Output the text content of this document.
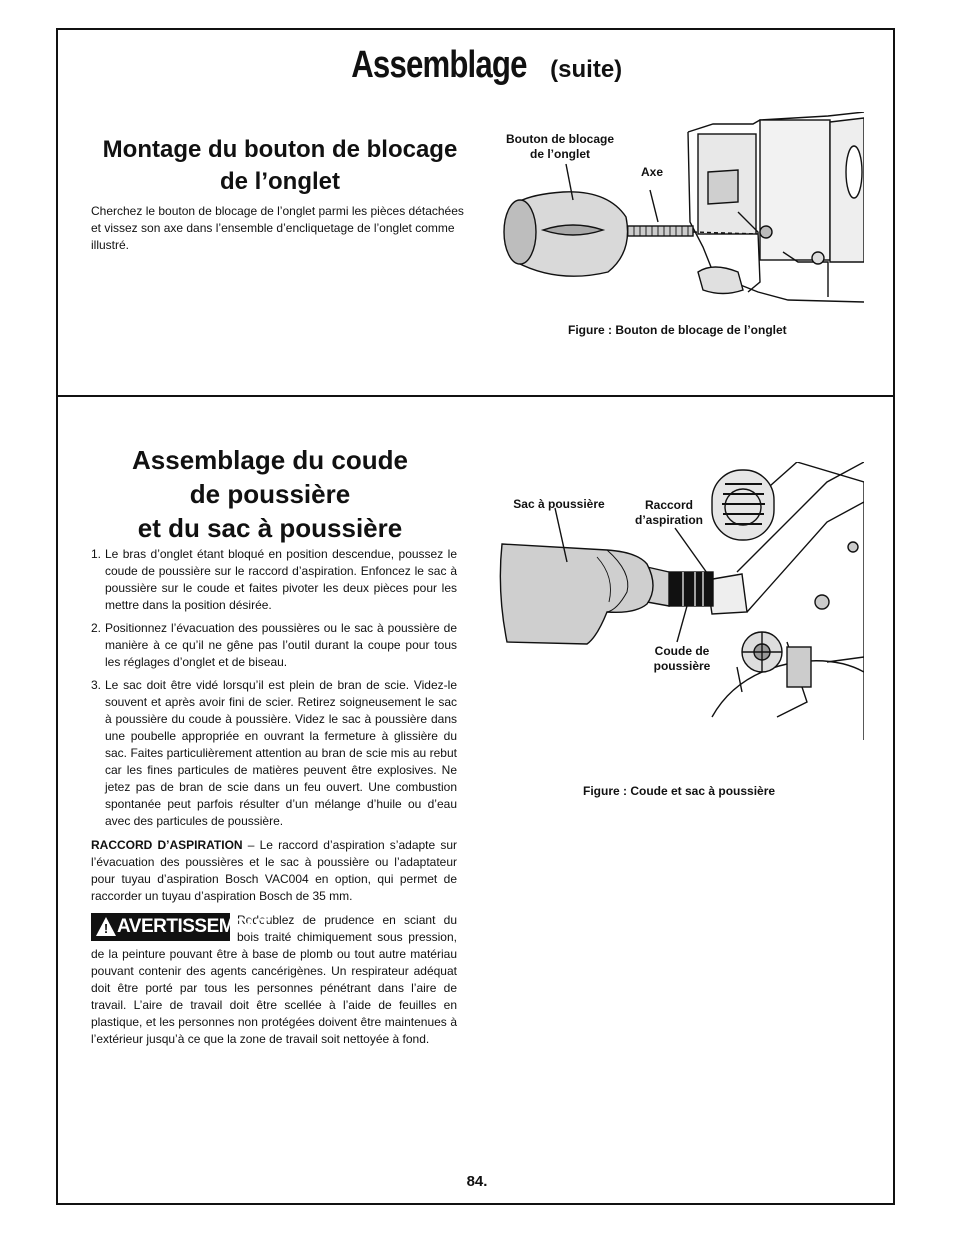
Assemblage (suite)
Montage du bouton de blocage
de l’onglet
Cherchez le bouton de blocage de l’onglet parmi les pièces détachées et vissez son axe dans l’ensemble d’encliquetage de l’onglet comme illustré.
Bouton de blocage
de l’onglet
Axe
Figure : Bouton de blocage de l’onglet
Assemblage du coude
de poussière
et du sac à poussière
1. Le bras d’onglet étant bloqué en position descendue, poussez le coude de poussière sur le raccord d’aspiration. Enfoncez le sac à poussière sur le coude et faites pivoter les deux pièces pour les mettre dans la position désirée.
2. Positionnez l’évacuation des poussières ou le sac à poussière de manière à ce qu’il ne gêne pas l’outil durant la coupe pour tous les réglages d’onglet et de biseau.
3. Le sac doit être vidé lorsqu’il est plein de bran de scie. Videz-le souvent et après avoir fini de scier. Retirez soigneusement le sac à poussière du coude à poussière. Videz le sac à poussière dans une poubelle appropriée en ouvrant la fermeture à glissière du sac. Faites particulièrement attention au bran de scie mis au rebut car les fines particules de matières peuvent être explosives. Ne jetez pas de bran de scie dans un feu ouvert. Une combustion spontanée peut parfois résulter d’un mélange d’huile ou d’eau avec des particules de poussière.
RACCORD D’ASPIRATION – Le raccord d’aspiration s’adapte sur l’évacuation des poussières et le sac à poussière ou l’adaptateur pour tuyau d’aspiration Bosch VAC004 en option, qui permet de raccorder un tuyau d’aspiration Bosch de 35 mm.
Redoublez de prudence en sciant du bois traité chimiquement sous pression, de la peinture pouvant être à base de plomb ou tout autre matériau pouvant contenir des agents cancérigènes. Un respirateur adéquat doit être porté par tous les personnes pénétrant dans l’aire de travail. L’aire de travail doit être scellée à l’aide de feuilles en plastique, et les personnes non protégées doivent être maintenues à l’extérieur jusqu’à ce que la zone de travail soit nettoyée à fond.
AVERTISSEMENT
!
Sac à poussière	Raccord
d’aspiration
Coude de
poussière
Figure : Coude et sac à poussière
84.
